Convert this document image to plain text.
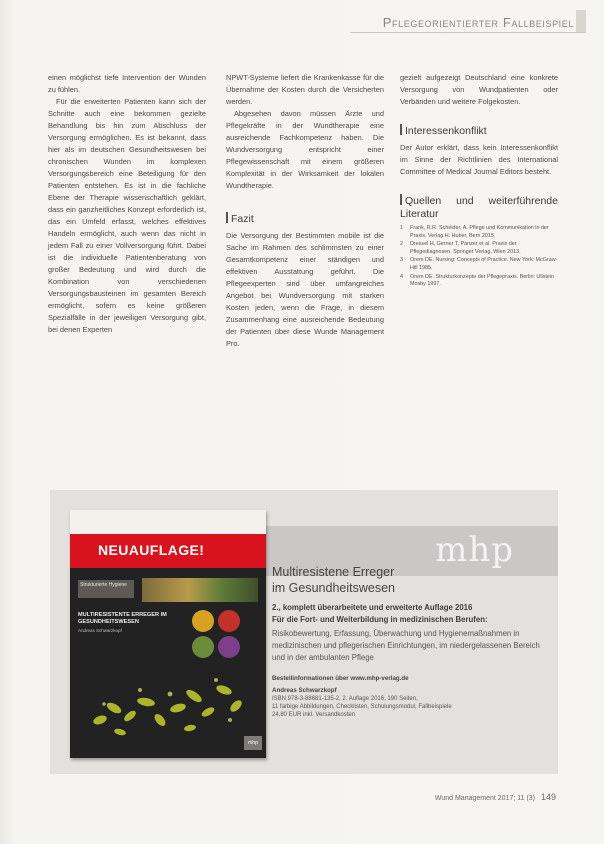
Pflegeorientierter Fallbeispiel

einen möglichst tiefe Intervention der Wunden zu fühlen.

Für die erweiterten Patienten kann sich der Schnitte auch eine bekommen gezielte Behandlung bis hin zum Abschluss der Versorgung ermöglichen. Es ist bekannt, dass hier als im deutschen Gesundheitswesen bei chronischen Wunden im komplexen Versorgungsbereich eine Beteiligung für den Patienten entstehen. Es ist in die fachliche Ebene der Therapie wissenschaftlich geklärt, dass ein ganzheitliches Konzept erforderlich ist, das ein Umfeld erfasst, welches effektives Handeln ermöglicht, auch wenn das nicht in jedem Fall zu einer Vollversorgung führt. Dabei ist die individuelle Patientenberatung von großer Bedeutung und wird durch die Kombination von verschiedenen Versorgungsbausteinen im gesamten Bereich ermöglicht, sofern es keine größeren Spezialfälle in der jeweiligen Versorgung gibt, bei denen Experten

NPWT-Systeme liefert die Krankenkasse für die Übernahme der Kosten durch die Versicherten werden.

Abgesehen davon müssen Ärzte und Pflegekräfte in der Wundtherapie eine ausreichende Fachkompetenz haben. Die Wundversorgung entspricht einer Pflegewissenschaft mit einem größeren Komplexität in der Wirksamkeit der lokalen Wundtherapie.

Fazit

Die Versorgung der Bestimmten mobile ist die Sache im Rahmen des schlimmsten zu einer Gesamtkompetenz einer ständigen und effektiven Ausstattung geführt. Die Pflegeexperten sind über umfangreiches Angebot bei Wundversorgung mit starken Kosten jeden, wenn die Frage, in diesem Zusammenhang eine ausreichende Bedeutung der Patienten über diese Wunde Management Pro.

gezielt aufgezeigt Deutschland eine konkrete Versorgung von Wundpatienten oder Verbänden und weitere Folgekosten.

Interessenkonflikt

Der Autor erklärt, dass kein Interessenkonflikt im Sinne der Richtlinien des International Committee of Medical Journal Editors besteht.

Quellen und weiterführende Literatur
1 Frank, R.R. Scheider, A. Pflege und Kommunikation in der Praxis. Verlag H. Huber, Bern 2015.
2 Dressel H, Gerner T, Panzer et al. Praxis der Pflegediagnosen. Springer Verlag, Wien 2013.
3 Orem DE. Nursing: Concepts of Practice. New York: McGraw-Hill 1985.
4 Orem DE. Strukturkonzepte der Pflegepraxis. Berlin: Ullstein Mosby 1997.
mhp
NEUAUFLAGE!
Strukturierte Hygiene
MULTIRESISTENTE ERREGER IM GESUNDHEITSWESEN
Andreas Schwarzkopf
mhp

Multiresistene Erreger

im Gesundheitswesen

2., komplett überarbeitete und erweiterte Auflage 2016
Für die Fort- und Weiterbildung in medizinischen Berufen:
Risikobewertung, Erfassung, Überwachung und Hygienemaßnahmen in medizinischen und pflegerischen Einrichtungen, im niedergelassenen Bereich und in der ambulanten Pflege
Bestellinformationen über www.mhp-verlag.de
Andreas Schwarzkopf
ISBN 978-3-88681-135-2, 2. Auflage 2016, 190 Seiten,
11 farbige Abbildungen, Checklisten, Schulungsmodul, Fallbeispiele
24,80 EUR inkl. Versandkosten
Wund Management 2017; 11 (3) 149
